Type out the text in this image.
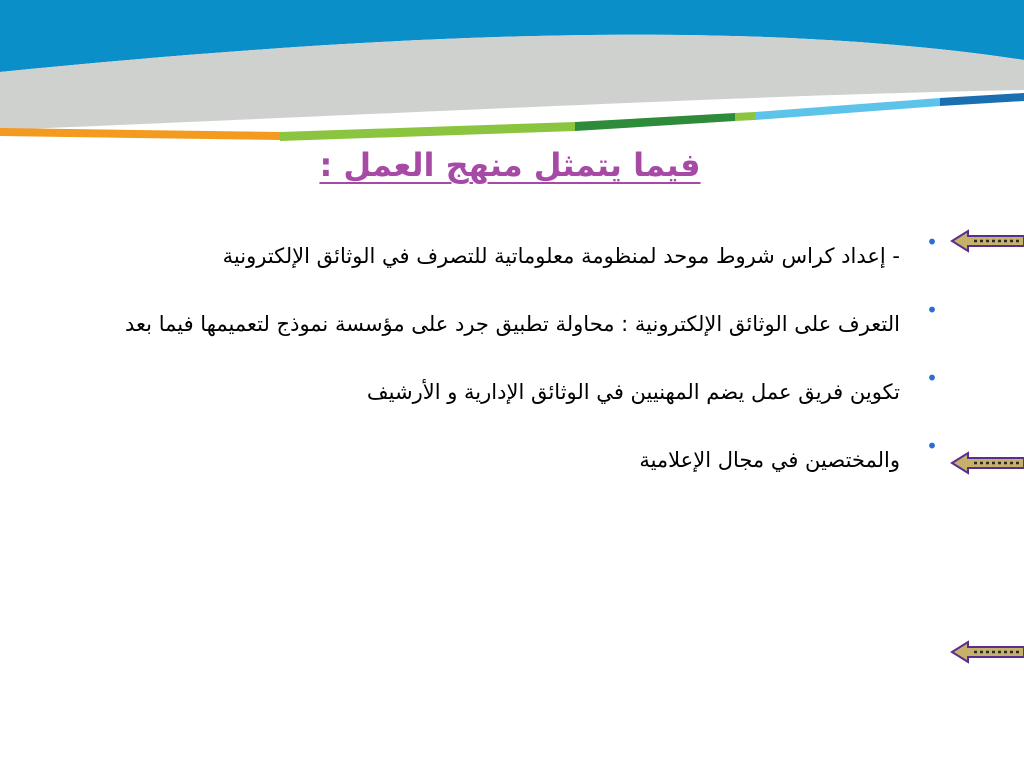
فيما يتمثل منهج العمل :
•
- إعداد كراس شروط موحد لمنظومة معلوماتية للتصرف في الوثائق الإلكترونية
•
التعرف على الوثائق الإلكترونية : محاولة تطبيق جرد على مؤسسة نموذج لتعميمها فيما بعد
•
تكوين فريق عمل يضم المهنيين في الوثائق الإدارية و الأرشيف
•
والمختصين في مجال الإعلامية
